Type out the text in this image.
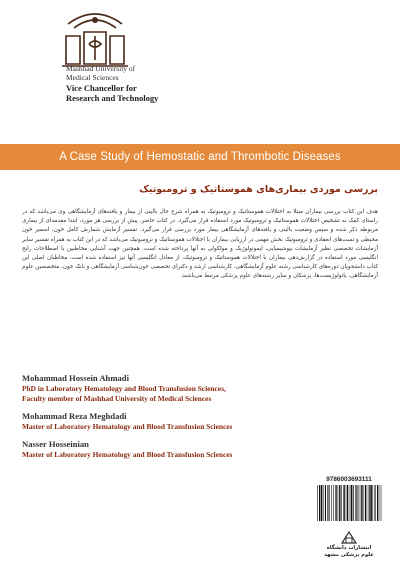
Mashhad University of
Medical Sciences
Vice Chancellor for
Research and Technology
A Case Study of Hemostatic and Thrombotic Diseases
بررسی موردی بیماری‌های هموستاتیک و ترومبوتیک
هدف این کتاب بررسی بیماران مبتلا به اختلالات هموستاتیک و ترومبوتیک به همراه شرح حال بالینی از بیمار و یافته‌های آزمایشگاهی وی می‌باشد که در راستای کمک به تشخیص اختلالات هموستاتیک و ترومبوتیک مورد استفاده قرار می‌گیرد. در کتاب حاضر، پیش از بررسی هر مورد، ابتدا مقدمه‌ای از بیماری مربوطه ذکر شده و سپس وضعیت بالینی و یافته‌های آزمایشگاهی بیمار مورد بررسی قرار می‌گیرد. تفسیر آزمایش شمارش کامل خون، اسمیر خون محیطی و تست‌های انعقادی و ترومبوتیک بخش مهمی در ارزیابی بیماران با اختلالات هموستاتیک و ترومبوتیک می‌باشد که در این کتاب به همراه تفسیر سایر آزمایشات تخصصی نظیر آزمایشات بیوشیمیایی، ایمونولوژیک و مولکولی به آنها پرداخته شده است. همچنین جهت آشنایی مخاطبین با اصطلاحات رایج انگلیسی مورد استفاده در گزارش‌دهی بیماران با اختلالات هموستاتیک و ترومبوتیک، از معادل انگلیسی آنها نیز استفاده شده است. مخاطبان اصلی این کتاب دانشجویان دوره‌های کارشناسی رشته علوم آزمایشگاهی، کارشناسی ارشد و دکترای تخصصی خون‌شناسی آزمایشگاهی و بانک خون، متخصصین علوم آزمایشگاهی، پاتولوژیست‌ها، پزشکان و سایر رشته‌های علوم پزشکی مرتبط می‌باشند.
Mohammad Hossein Ahmadi
PhD in Laboratory Hematology and Blood Transfusion Sciences,
Faculty member of Mashhad University of Medical Sciences
Mohammad Reza Meghdadi
Master of Laboratory Hematology and Blood Transfusion Sciences
Nasser Hosseinian
Master of Laboratory Hematology and Blood Transfusion Sciences
9786003693111
انتشارات دانشگاه
علوم پزشکی مشهد
